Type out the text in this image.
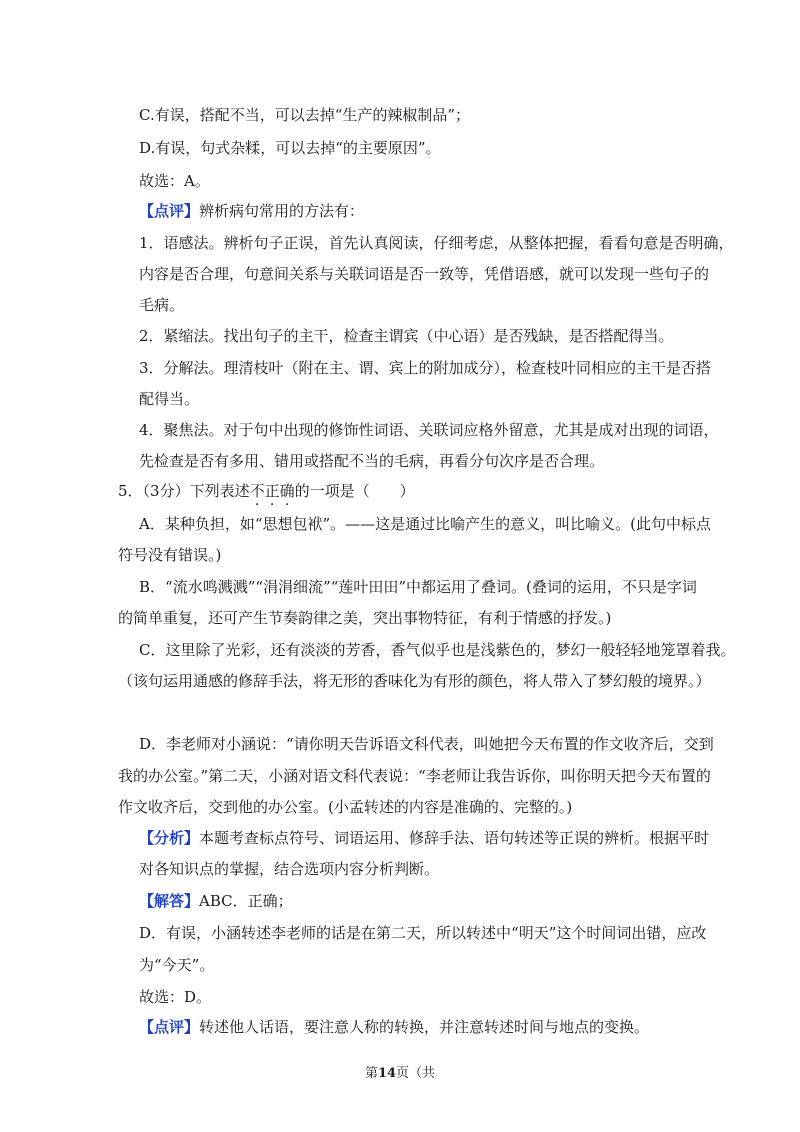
C.有误，搭配不当，可以去掉“生产的辣椒制品”；
D.有误，句式杂糅，可以去掉“的主要原因”。
故选：A。
【点评】辨析病句常用的方法有：
1．语感法。辨析句子正误，首先认真阅读，仔细考虑，从整体把握，看看句意是否明确，
内容是否合理，句意间关系与关联词语是否一致等，凭借语感，就可以发现一些句子的
毛病。
2．紧缩法。找出句子的主干，检查主谓宾（中心语）是否残缺，是否搭配得当。
3．分解法。理清枝叶（附在主、谓、宾上的附加成分），检查枝叶同相应的主干是否搭
配得当。
4．聚焦法。对于句中出现的修饰性词语、关联词应格外留意，尤其是成对出现的词语，
先检查是否有多用、错用或搭配不当的毛病，再看分句次序是否合理。
5．（3分）下列表述不正确的一项是（　　）
A．某种负担，如“思想包袱”。——这是通过比喻产生的意义，叫比喻义。(此句中标点
符号没有错误。)
B．“流水鸣溅溅”“涓涓细流”“莲叶田田”中都运用了叠词。(叠词的运用，不只是字词
的简单重复，还可产生节奏韵律之美，突出事物特征，有利于情感的抒发。)
C．这里除了光彩，还有淡淡的芳香，香气似乎也是浅紫色的，梦幻一般轻轻地笼罩着我。
（该句运用通感的修辞手法，将无形的香味化为有形的颜色，将人带入了梦幻般的境界。）
D．李老师对小涵说：“请你明天告诉语文科代表，叫她把今天布置的作文收齐后，交到
我的办公室。”第二天，小涵对语文科代表说：“李老师让我告诉你，叫你明天把今天布置的
作文收齐后，交到他的办公室。(小孟转述的内容是准确的、完整的。)
【分析】本题考查标点符号、词语运用、修辞手法、语句转述等正误的辨析。根据平时
对各知识点的掌握，结合选项内容分析判断。
【解答】ABC．正确；
D．有误，小涵转述李老师的话是在第二天，所以转述中“明天”这个时间词出错，应改
为“今天”。
故选：D。
【点评】转述他人话语，要注意人称的转换，并注意转述时间与地点的变换。
第14页（共
